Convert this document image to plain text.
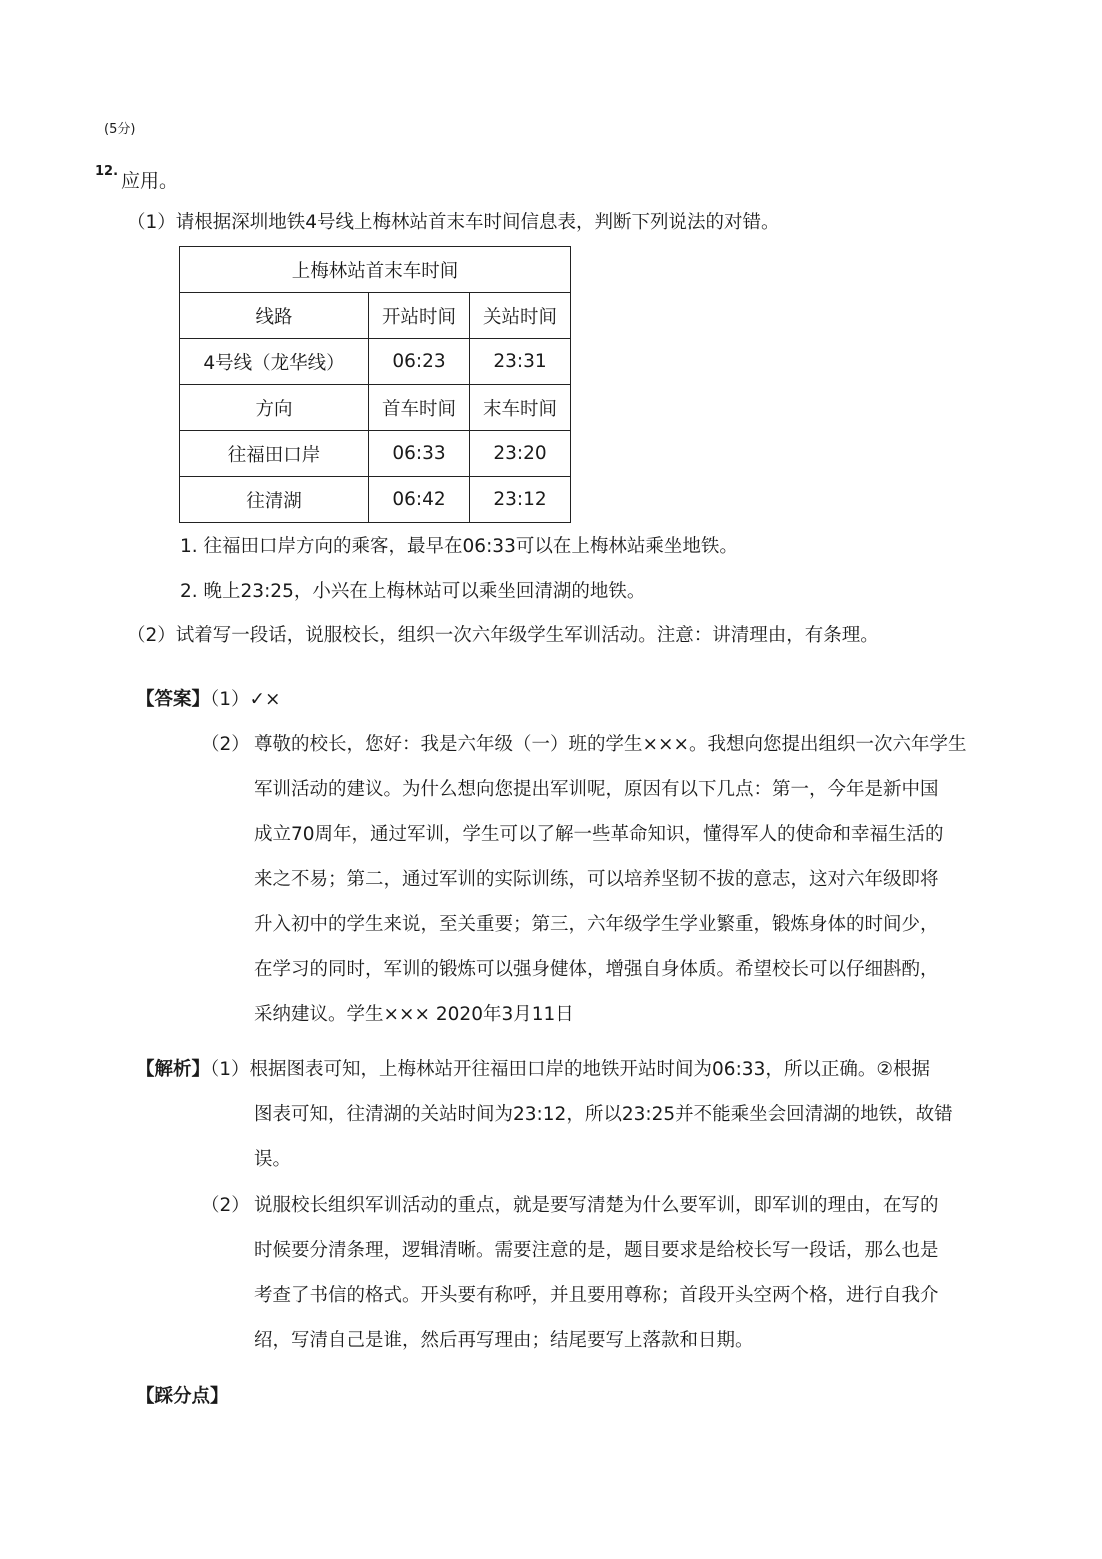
(5分)
12. 应用。
（1）请根据深圳地铁4号线上梅林站首末车时间信息表，判断下列说法的对错。
上梅林站首末车时间		
线路	开站时间	关站时间
4号线（龙华线）	06:23	23:31
方向	首车时间	末车时间
往福田口岸	06:33	23:20
往清湖	06:42	23:12
1. 往福田口岸方向的乘客，最早在06:33可以在上梅林站乘坐地铁。
2. 晚上23:25，小兴在上梅林站可以乘坐回清湖的地铁。
（2）试着写一段话，说服校长，组织一次六年级学生军训活动。注意：讲清理由，有条理。
【答案】（1）✓×
（2） 尊敬的校长，您好：我是六年级（一）班的学生×××。我想向您提出组织一次六年学生
军训活动的建议。为什么想向您提出军训呢，原因有以下几点：第一，今年是新中国
成立70周年，通过军训，学生可以了解一些革命知识，懂得军人的使命和幸福生活的
来之不易；第二，通过军训的实际训练，可以培养坚韧不拔的意志，这对六年级即将
升入初中的学生来说，至关重要；第三，六年级学生学业繁重，锻炼身体的时间少，
在学习的同时，军训的锻炼可以强身健体，增强自身体质。希望校长可以仔细斟酌，
采纳建议。学生××× 2020年3月11日
【解析】（1）根据图表可知，上梅林站开往福田口岸的地铁开站时间为06:33，所以正确。②根据
图表可知，往清湖的关站时间为23:12，所以23:25并不能乘坐会回清湖的地铁，故错
误。
（2） 说服校长组织军训活动的重点，就是要写清楚为什么要军训，即军训的理由，在写的
时候要分清条理，逻辑清晰。需要注意的是，题目要求是给校长写一段话，那么也是
考查了书信的格式。开头要有称呼，并且要用尊称；首段开头空两个格，进行自我介
绍，写清自己是谁，然后再写理由；结尾要写上落款和日期。
【踩分点】
